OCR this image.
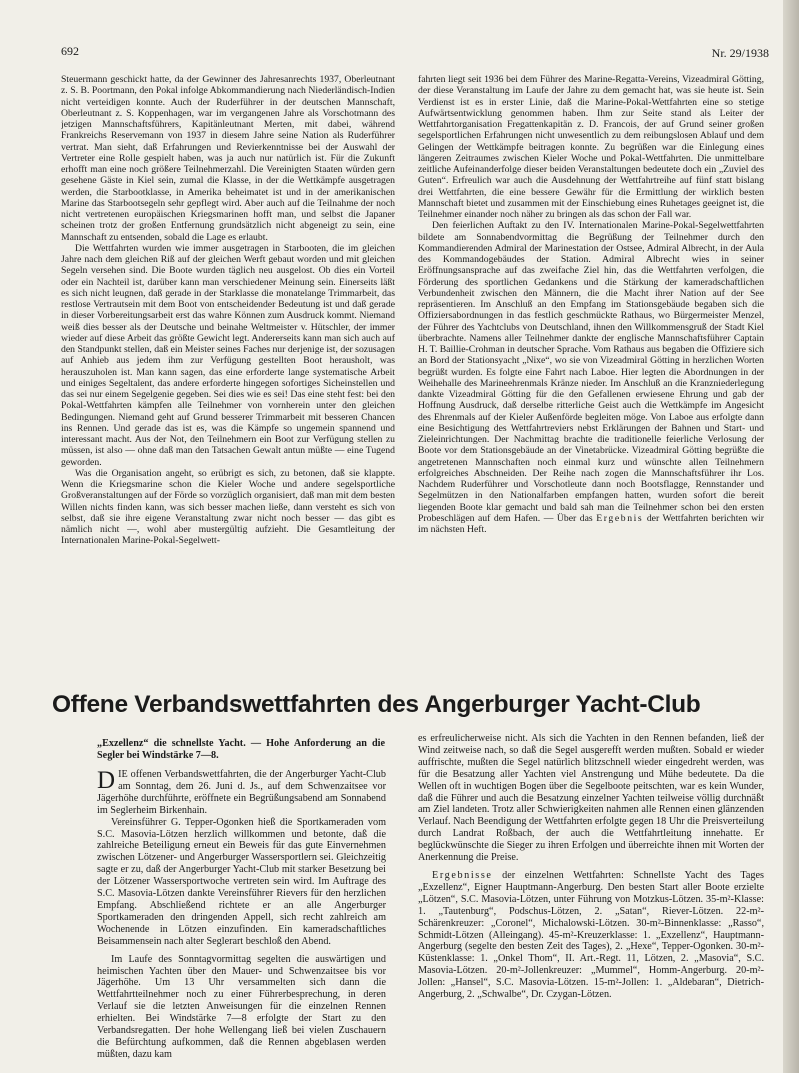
692	Nr. 29/1938

Steuermann geschickt hatte, da der Gewinner des Jahresanrechts 1937, Oberleutnant z. S. B. Poortmann, den Pokal infolge Abkommandierung nach Niederländisch-Indien nicht verteidigen konnte. Auch der Ruderführer in der deutschen Mannschaft, Oberleutnant z. S. Koppenhagen, war im vergangenen Jahre als Vorschotmann des jetzigen Mannschaftsführers, Kapitänleutnant Merten, mit dabei, während Frankreichs Reservemann von 1937 in diesem Jahre seine Nation als Ruderführer vertrat. Man sieht, daß Erfahrungen und Revierkenntnisse bei der Auswahl der Vertreter eine Rolle gespielt haben, was ja auch nur natürlich ist. Für die Zukunft erhofft man eine noch größere Teilnehmerzahl. Die Vereinigten Staaten würden gern gesehene Gäste in Kiel sein, zumal die Klasse, in der die Wettkämpfe ausgetragen werden, die Starbootklasse, in Amerika beheimatet ist und in der amerikanischen Marine das Starbootsegeln sehr gepflegt wird. Aber auch auf die Teilnahme der noch nicht vertretenen europäischen Kriegsmarinen hofft man, und selbst die Japaner scheinen trotz der großen Entfernung grundsätzlich nicht abgeneigt zu sein, eine Mannschaft zu entsenden, sobald die Lage es erlaubt.

Die Wettfahrten wurden wie immer ausgetragen in Starbooten, die im gleichen Jahre nach dem gleichen Riß auf der gleichen Werft gebaut worden und mit gleichen Segeln versehen sind. Die Boote wurden täglich neu ausgelost. Ob dies ein Vorteil oder ein Nachteil ist, darüber kann man verschiedener Meinung sein. Einerseits läßt es sich nicht leugnen, daß gerade in der Starklasse die monatelange Trimmarbeit, das restlose Vertrautsein mit dem Boot von entscheidender Bedeutung ist und daß gerade in dieser Vorbereitungsarbeit erst das wahre Können zum Ausdruck kommt. Niemand weiß dies besser als der Deutsche und beinahe Weltmeister v. Hütschler, der immer wieder auf diese Arbeit das größte Gewicht legt. Andererseits kann man sich auch auf den Standpunkt stellen, daß ein Meister seines Faches nur derjenige ist, der sozusagen auf Anhieb aus jedem ihm zur Verfügung gestellten Boot herausholt, was herauszuholen ist. Man kann sagen, das eine erforderte lange systematische Arbeit und einiges Segeltalent, das andere erforderte hingegen sofortiges Sicheinstellen und das sei nur einem Segelgenie gegeben. Sei dies wie es sei! Das eine steht fest: bei den Pokal-Wettfahrten kämpfen alle Teilnehmer von vornherein unter den gleichen Bedingungen. Niemand geht auf Grund besserer Trimmarbeit mit besseren Chancen ins Rennen. Und gerade das ist es, was die Kämpfe so ungemein spannend und interessant macht. Aus der Not, den Teilnehmern ein Boot zur Verfügung stellen zu müssen, ist also — ohne daß man den Tatsachen Gewalt antun müßte — eine Tugend geworden.

Was die Organisation angeht, so erübrigt es sich, zu betonen, daß sie klappte. Wenn die Kriegsmarine schon die Kieler Woche und andere segelsportliche Großveranstaltungen auf der Förde so vorzüglich organisiert, daß man mit dem besten Willen nichts finden kann, was sich besser machen ließe, dann versteht es sich von selbst, daß sie ihre eigene Veranstaltung zwar nicht noch besser — das gibt es nämlich nicht —, wohl aber mustergültig aufzieht. Die Gesamtleitung der Internationalen Marine-Pokal-Segelwett-

fahrten liegt seit 1936 bei dem Führer des Marine-Regatta-Vereins, Vizeadmiral Götting, der diese Veranstaltung im Laufe der Jahre zu dem gemacht hat, was sie heute ist. Sein Verdienst ist es in erster Linie, daß die Marine-Pokal-Wettfahrten eine so stetige Aufwärtsentwicklung genommen haben. Ihm zur Seite stand als Leiter der Wettfahrtorganisation Fregattenkapitän z. D. Francois, der auf Grund seiner großen segelsportlichen Erfahrungen nicht unwesentlich zu dem reibungslosen Ablauf und dem Gelingen der Wettkämpfe beitragen konnte. Zu begrüßen war die Einlegung eines längeren Zeitraumes zwischen Kieler Woche und Pokal-Wettfahrten. Die unmittelbare zeitliche Aufeinanderfolge dieser beiden Veranstaltungen bedeutete doch ein „Zuviel des Guten“. Erfreulich war auch die Ausdehnung der Wettfahrtreihe auf fünf statt bislang drei Wettfahrten, die eine bessere Gewähr für die Ermittlung der wirklich besten Mannschaft bietet und zusammen mit der Einschiebung eines Ruhetages geeignet ist, die Teilnehmer einander noch näher zu bringen als das schon der Fall war.

Den feierlichen Auftakt zu den IV. Internationalen Marine-Pokal-Segelwettfahrten bildete am Sonnabendvormittag die Begrüßung der Teilnehmer durch den Kommandierenden Admiral der Marinestation der Ostsee, Admiral Albrecht, in der Aula des Kommandogebäudes der Station. Admiral Albrecht wies in seiner Eröffnungsansprache auf das zweifache Ziel hin, das die Wettfahrten verfolgen, die Förderung des sportlichen Gedankens und die Stärkung der kameradschaftlichen Verbundenheit zwischen den Männern, die die Macht ihrer Nation auf der See repräsentieren. Im Anschluß an den Empfang im Stationsgebäude begaben sich die Offiziersabordnungen in das festlich geschmückte Rathaus, wo Bürgermeister Menzel, der Führer des Yachtclubs von Deutschland, ihnen den Willkommensgruß der Stadt Kiel überbrachte. Namens aller Teilnehmer dankte der englische Mannschaftsführer Captain H. T. Baillie-Crohman in deutscher Sprache. Vom Rathaus aus begaben die Offiziere sich an Bord der Stationsyacht „Nixe“, wo sie von Vizeadmiral Götting in herzlichen Worten begrüßt wurden. Es folgte eine Fahrt nach Laboe. Hier legten die Abordnungen in der Weihehalle des Marineehrenmals Kränze nieder. Im Anschluß an die Kranzniederlegung dankte Vizeadmiral Götting für die den Gefallenen erwiesene Ehrung und gab der Hoffnung Ausdruck, daß derselbe ritterliche Geist auch die Wettkämpfe im Angesicht des Ehrenmals auf der Kieler Außenförde begleiten möge. Von Laboe aus erfolgte dann eine Besichtigung des Wettfahrtreviers nebst Erklärungen der Bahnen und Start- und Zieleinrichtungen. Der Nachmittag brachte die traditionelle feierliche Verlosung der Boote vor dem Stationsgebäude an der Vinetabrücke. Vizeadmiral Götting begrüßte die angetretenen Mannschaften noch einmal kurz und wünschte allen Teilnehmern erfolgreiches Abschneiden. Der Reihe nach zogen die Mannschaftsführer ihr Los. Nachdem Ruderführer und Vorschotleute dann noch Bootsflagge, Rennstander und Segelmützen in den Nationalfarben empfangen hatten, wurden sofort die bereit liegenden Boote klar gemacht und bald sah man die Teilnehmer schon bei den ersten Probeschlägen auf dem Hafen. — Über das Ergebnis der Wettfahrten berichten wir im nächsten Heft.

Offene Verbandswettfahrten des Angerburger Yacht-Club
„Exzellenz“ die schnellste Yacht. — Hohe Anforderung an die Segler bei Windstärke 7—8.

DIE offenen Verbandswettfahrten, die der Angerburger Yacht-Club am Sonntag, dem 26. Juni d. Js., auf dem Schwenzaitsee vor Jägerhöhe durchführte, eröffnete ein Begrüßungsabend am Sonnabend im Seglerheim Birkenhain.

Vereinsführer G. Tepper-Ogonken hieß die Sportkameraden vom S.C. Masovia-Lötzen herzlich willkommen und betonte, daß die zahlreiche Beteiligung erneut ein Beweis für das gute Einvernehmen zwischen Lötzener- und Angerburger Wassersportlern sei. Gleichzeitig sagte er zu, daß der Angerburger Yacht-Club mit starker Besetzung bei der Lötzener Wassersportwoche vertreten sein wird. Im Auftrage des S.C. Masovia-Lötzen dankte Vereinsführer Rievers für den herzlichen Empfang. Abschließend richtete er an alle Angerburger Sportkameraden den dringenden Appell, sich recht zahlreich am Wochenende in Lötzen einzufinden. Ein kameradschaftliches Beisammensein nach alter Seglerart beschloß den Abend.

Im Laufe des Sonntagvormittag segelten die auswärtigen und heimischen Yachten über den Mauer- und Schwenzaitsee bis vor Jägerhöhe. Um 13 Uhr versammelten sich dann die Wettfahrtteilnehmer noch zu einer Führerbesprechung, in deren Verlauf sie die letzten Anweisungen für die einzelnen Rennen erhielten. Bei Windstärke 7—8 erfolgte der Start zu den Verbandsregatten. Der hohe Wellengang ließ bei vielen Zuschauern die Befürchtung aufkommen, daß die Rennen abgeblasen werden müßten, dazu kam

es erfreulicherweise nicht. Als sich die Yachten in den Rennen befanden, ließ der Wind zeitweise nach, so daß die Segel ausgerefft werden mußten. Sobald er wieder auffrischte, mußten die Segel natürlich blitzschnell wieder eingedreht werden, was für die Besatzung aller Yachten viel Anstrengung und Mühe bedeutete. Da die Wellen oft in wuchtigen Bogen über die Segelboote peitschten, war es kein Wunder, daß die Führer und auch die Besatzung einzelner Yachten teilweise völlig durchnäßt am Ziel landeten. Trotz aller Schwierigkeiten nahmen alle Rennen einen glänzenden Verlauf. Nach Beendigung der Wettfahrten erfolgte gegen 18 Uhr die Preisverteilung durch Landrat Roßbach, der auch die Wettfahrtleitung innehatte. Er beglückwünschte die Sieger zu ihren Erfolgen und überreichte ihnen mit Worten der Anerkennung die Preise.

Ergebnisse der einzelnen Wettfahrten: Schnellste Yacht des Tages „Exzellenz“, Eigner Hauptmann-Angerburg. Den besten Start aller Boote erzielte „Lötzen“, S.C. Masovia-Lötzen, unter Führung von Motzkus-Lötzen. 35-m²-Klasse: 1. „Tautenburg“, Podschus-Lötzen, 2. „Satan“, Riever-Lötzen. 22-m²-Schärenkreuzer: „Coronel“, Michalowski-Lötzen. 30-m²-Binnenklasse: „Rasso“, Schmidt-Lötzen (Alleingang). 45-m²-Kreuzerklasse: 1. „Exzellenz“, Hauptmann-Angerburg (segelte den besten Zeit des Tages), 2. „Hexe“, Tepper-Ogonken. 30-m²-Küstenklasse: 1. „Onkel Thom“, II. Art.-Regt. 11, Lötzen, 2. „Masovia“, S.C. Masovia-Lötzen. 20-m²-Jollenkreuzer: „Mummel“, Homm-Angerburg. 20-m²-Jollen: „Hansel“, S.C. Masovia-Lötzen. 15-m²-Jollen: 1. „Aldebaran“, Dietrich-Angerburg, 2. „Schwalbe“, Dr. Czygan-Lötzen.
